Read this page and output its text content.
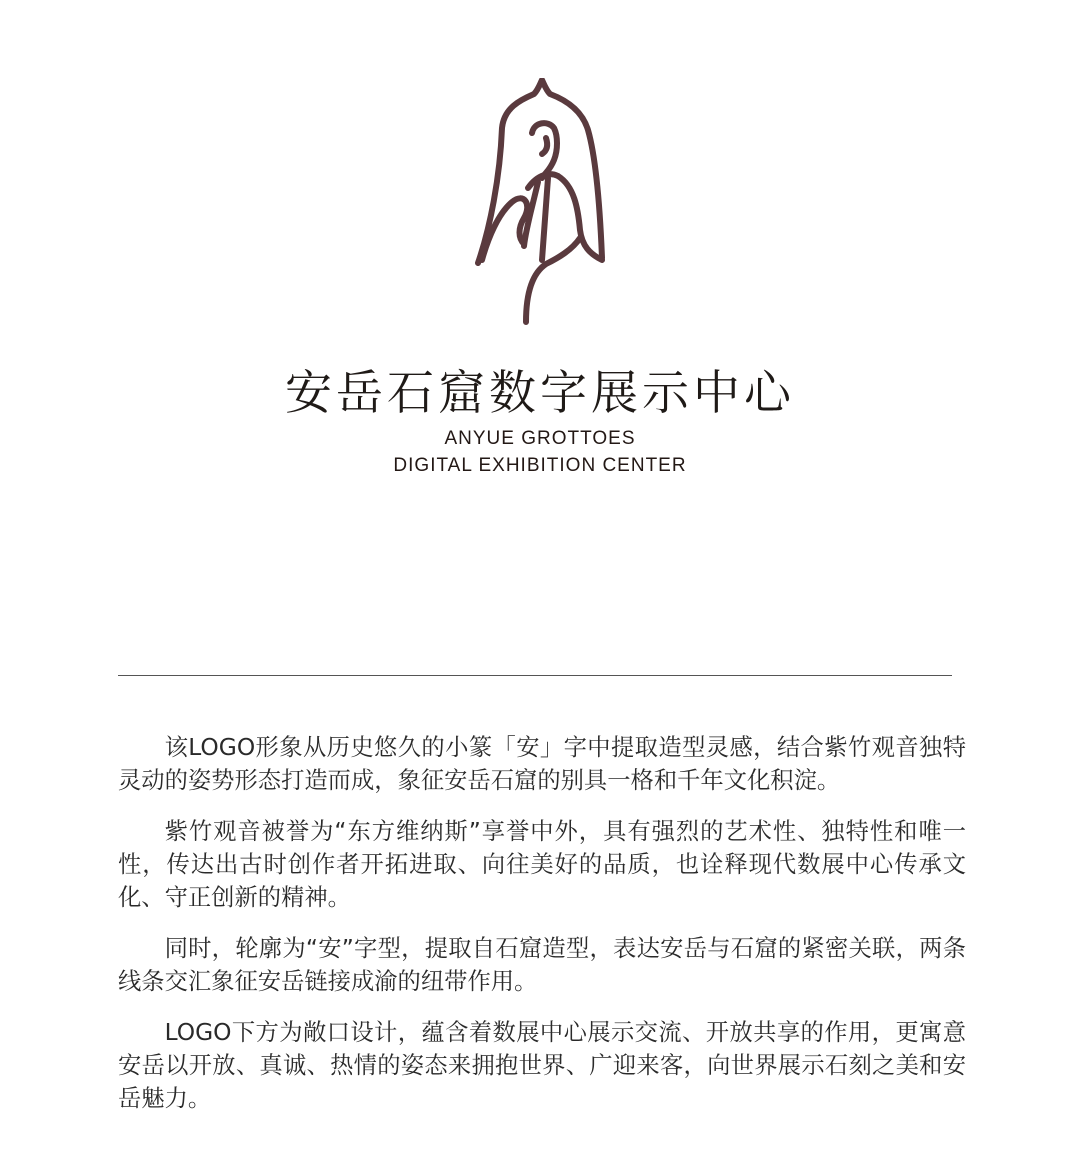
安岳石窟数字展示中心
ANYUE GROTTOES
DIGITAL EXHIBITION CENTER

该LOGO形象从历史悠久的小篆「安」字中提取造型灵感，结合紫竹观音独特灵动的姿势形态打造而成，象征安岳石窟的别具一格和千年文化积淀。

紫竹观音被誉为“东方维纳斯”享誉中外，具有强烈的艺术性、独特性和唯一性，传达出古时创作者开拓进取、向往美好的品质，也诠释现代数展中心传承文化、守正创新的精神。

同时，轮廓为“安”字型，提取自石窟造型，表达安岳与石窟的紧密关联，两条线条交汇象征安岳链接成渝的纽带作用。

LOGO下方为敞口设计，蕴含着数展中心展示交流、开放共享的作用，更寓意安岳以开放、真诚、热情的姿态来拥抱世界、广迎来客，向世界展示石刻之美和安岳魅力。
